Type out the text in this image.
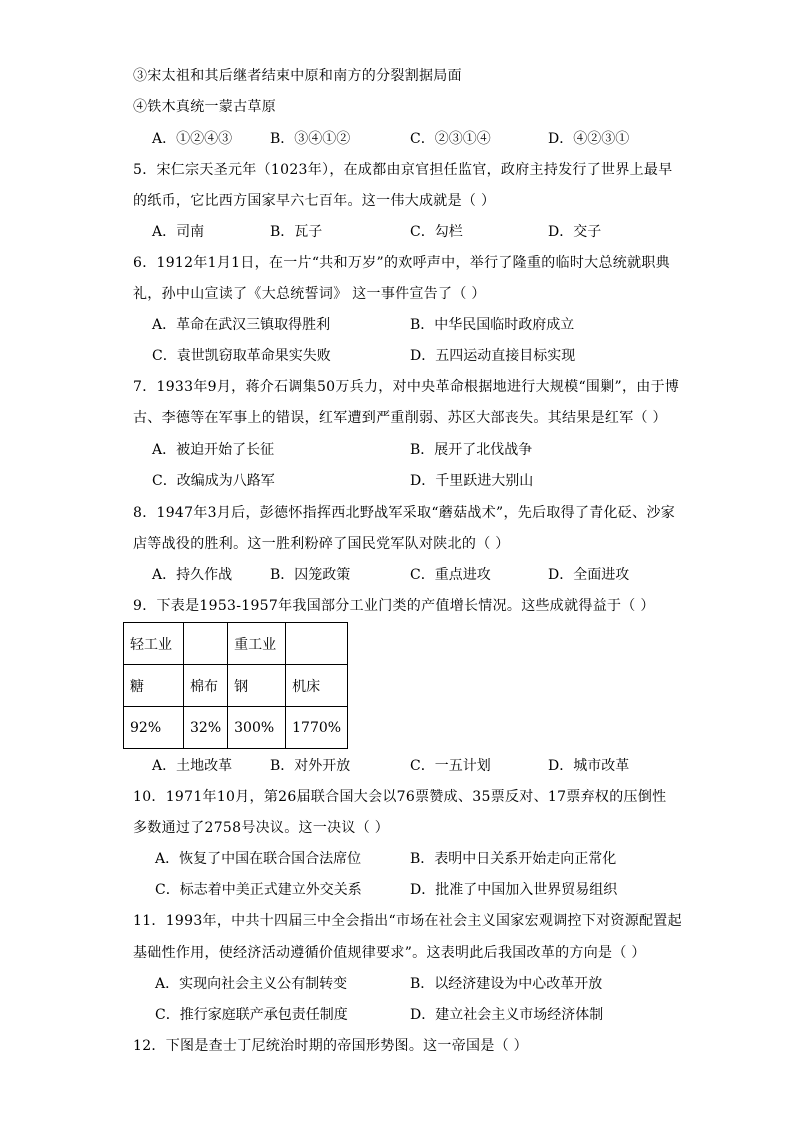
③宋太祖和其后继者结束中原和南方的分裂割据局面
④铁木真统一蒙古草原
A．①②④③	B．③④①②	C．②③①④	D．④②③①
5．宋仁宗天圣元年（1023年），在成都由京官担任监官，政府主持发行了世界上最早
的纸币，它比西方国家早六七百年。这一伟大成就是（ ）
A．司南	B．瓦子	C．勾栏	D．交子
6．1912年1月1日，在一片“共和万岁”的欢呼声中，举行了隆重的临时大总统就职典
礼，孙中山宣读了《大总统誓词》 这一事件宣告了（ ）
A．革命在武汉三镇取得胜利	B．中华民国临时政府成立
C．袁世凯窃取革命果实失败	D．五四运动直接目标实现
7．1933年9月，蒋介石调集50万兵力，对中央革命根据地进行大规模“围剿”，由于博
古、李德等在军事上的错误，红军遭到严重削弱、苏区大部丧失。其结果是红军（ ）
A．被迫开始了长征	B．展开了北伐战争
C．改编成为八路军	D．千里跃进大别山
8．1947年3月后，彭德怀指挥西北野战军采取“蘑菇战术”，先后取得了青化砭、沙家
店等战役的胜利。这一胜利粉碎了国民党军队对陕北的（ ）
A．持久作战	B．囚笼政策	C．重点进攻	D．全面进攻
9．下表是1953-1957年我国部分工业门类的产值增长情况。这些成就得益于（ ）
轻工业		重工业	
糖	棉布	钢	机床
92%	32%	300%	1770%
A．土地改革	B．对外开放	C．一五计划	D．城市改革
10．1971年10月，第26届联合国大会以76票赞成、35票反对、17票弃权的压倒性
多数通过了2758号决议。这一决议（ ）
A．恢复了中国在联合国合法席位	B．表明中日关系开始走向正常化
C．标志着中美正式建立外交关系	D．批准了中国加入世界贸易组织
11．1993年，中共十四届三中全会指出“市场在社会主义国家宏观调控下对资源配置起
基础性作用，使经济活动遵循价值规律要求”。这表明此后我国改革的方向是（ ）
A．实现向社会主义公有制转变	B．以经济建设为中心改革开放
C．推行家庭联产承包责任制度	D．建立社会主义市场经济体制
12．下图是查士丁尼统治时期的帝国形势图。这一帝国是（ ）
